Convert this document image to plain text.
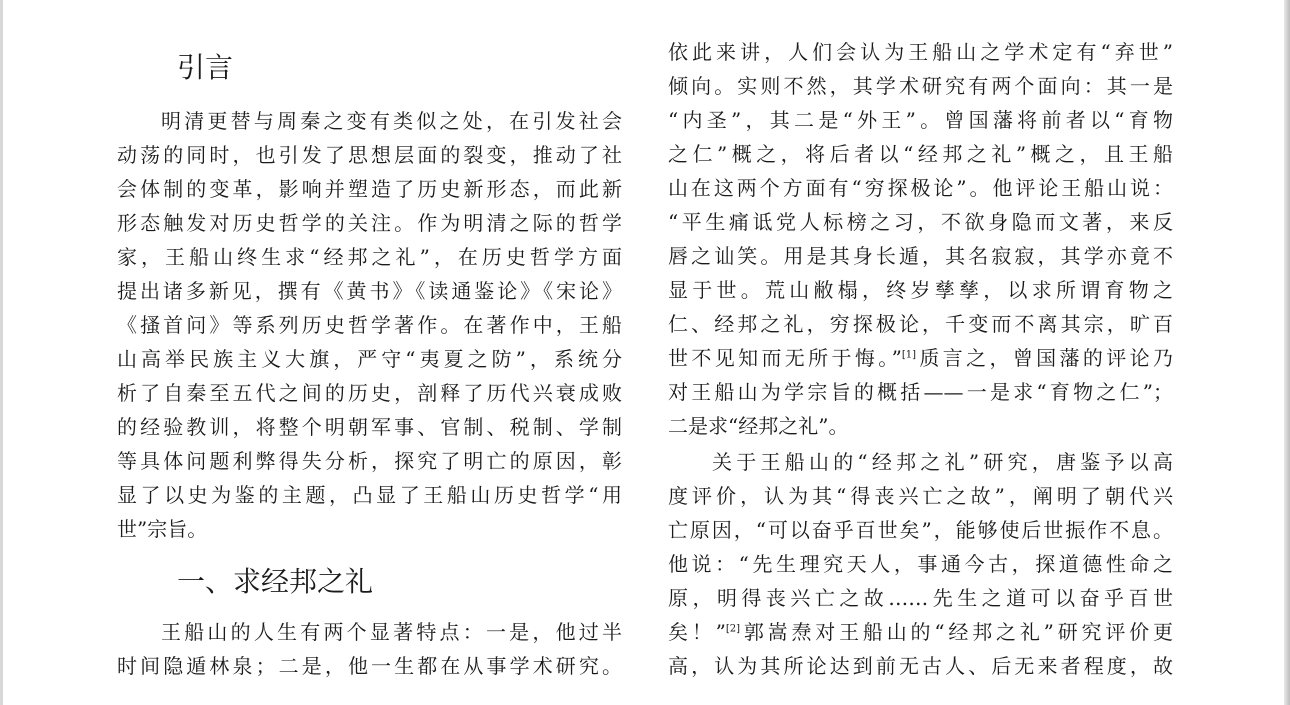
引言
明清更替与周秦之变有类似之处，在引发社会
动荡的同时，也引发了思想层面的裂变，推动了社
会体制的变革，影响并塑造了历史新形态，而此新
形态触发对历史哲学的关注。作为明清之际的哲学
家，王船山终生求“经邦之礼”，在历史哲学方面
提出诸多新见，撰有《黄书》《读通鉴论》《宋论》
《搔首问》等系列历史哲学著作。在著作中，王船
山高举民族主义大旗，严守“夷夏之防”，系统分
析了自秦至五代之间的历史，剖释了历代兴衰成败
的经验教训，将整个明朝军事、官制、税制、学制
等具体问题利弊得失分析，探究了明亡的原因，彰
显了以史为鉴的主题，凸显了王船山历史哲学“用
世”宗旨。
一、求经邦之礼
王船山的人生有两个显著特点：一是，他过半
时间隐遁林泉；二是，他一生都在从事学术研究。
依此来讲，人们会认为王船山之学术定有“弃世”
倾向。实则不然，其学术研究有两个面向：其一是
“内圣”，其二是“外王”。曾国藩将前者以“育物
之仁”概之，将后者以“经邦之礼”概之，且王船
山在这两个方面有“穷探极论”。他评论王船山说：
“平生痛诋党人标榜之习，不欲身隐而文著，来反
唇之讪笑。用是其身长遁，其名寂寂，其学亦竟不
显于世。荒山敝榻，终岁孳孳，以求所谓育物之
仁、经邦之礼，穷探极论，千变而不离其宗，旷百
世不见知而无所于悔。”[1]质言之，曾国藩的评论乃
对王船山为学宗旨的概括——一是求“育物之仁”；
二是求“经邦之礼”。
关于王船山的“经邦之礼”研究，唐鉴予以高
度评价，认为其“得丧兴亡之故”，阐明了朝代兴
亡原因，“可以奋乎百世矣”，能够使后世振作不息。
他说：“先生理究天人，事通今古，探道德性命之
原，明得丧兴亡之故……先生之道可以奋乎百世
矣！”[2]郭嵩焘对王船山的“经邦之礼”研究评价更
高，认为其所论达到前无古人、后无来者程度，故
